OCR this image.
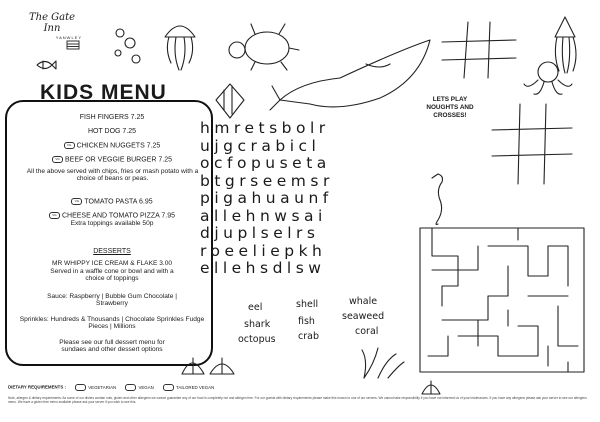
The Gate Inn
YANWLEY
KIDS MENU
FISH FINGERS 7.25
HOT DOG 7.25
VG CHICKEN NUGGETS 7.25
VG BEEF OR VEGGIE BURGER 7.25
All the above served with chips, fries or mash potato with a choice of beans or peas.
VG TOMATO PASTA 6.95
VG CHEESE AND TOMATO PIZZA 7.95
Extra toppings available 50p
DESSERTS
MR WHIPPY ICE CREAM & FLAKE 3.00
Served in a waffle cone or bowl and with a choice of toppings
Sauce: Raspberry | Bubble Gum Chocolate | Strawberry
Sprinkles: Hundreds & Thousands | Chocolate Sprinkles Fudge Pieces | Millions
Please see our full dessert menu for sundaes and other dessert options
hmretsbolr
ujgcrabicl
ocfopuseta
btgrseemsr
pigahuaunf
allehnwsai
djuplselrs
roeeliepkh
ellehsdlsw
eel	shell	whale
shark	fish	seaweed
octopus crab	coral
LETS PLAY NOUGHTS AND CROSSES!
DIETARY REQUIREMENTS :	VEGETARIAN	VEGAN	TAILORED VEGAN
Note, allergen & dietary requirements: As some of our dishes contain nuts, gluten and other allergens we cannot guarantee any of our food is completely nut and allergen free. For our guests with dietary requirements please make this known to one of our servers. We cannot take responsibility if you have not informed us of your intolerances. If you have any allergens please ask your server to see our allergens menu. We have a gluten free menu available please ask your server if you wish to see this.
